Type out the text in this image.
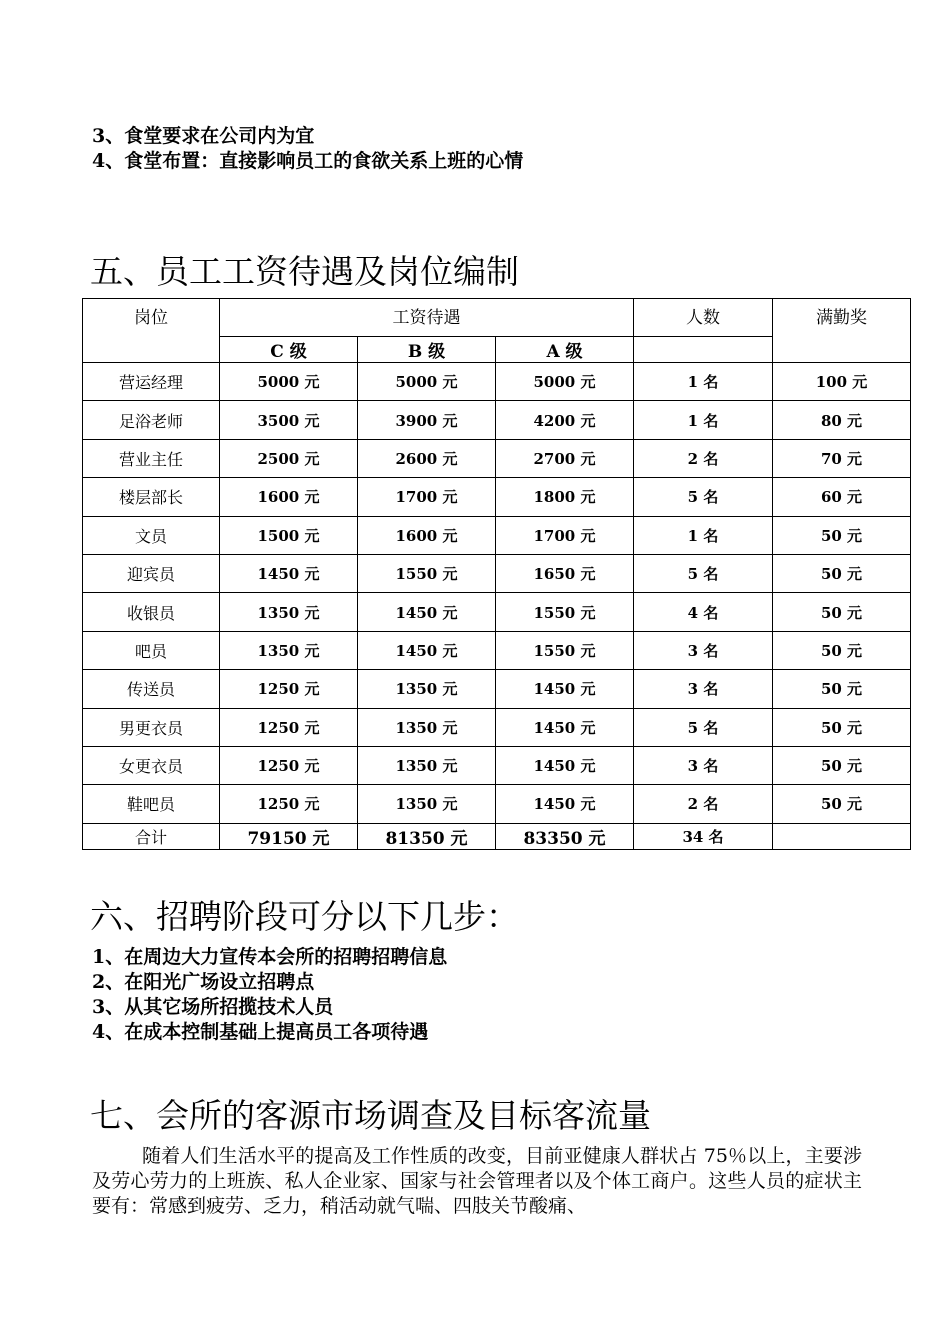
3、食堂要求在公司内为宜
4、食堂布置：直接影响员工的食欲关系上班的心情
五、员工工资待遇及岗位编制
岗位	工资待遇			人数	满勤奖
	C 级	B 级	A 级		
营运经理	5000 元	5000 元	5000 元	1 名	100 元
足浴老师	3500 元	3900 元	4200 元	1 名	80 元
营业主任	2500 元	2600 元	2700 元	2 名	70 元
楼层部长	1600 元	1700 元	1800 元	5 名	60 元
文员	1500 元	1600 元	1700 元	1 名	50 元
迎宾员	1450 元	1550 元	1650 元	5 名	50 元
收银员	1350 元	1450 元	1550 元	4 名	50 元
吧员	1350 元	1450 元	1550 元	3 名	50 元
传送员	1250 元	1350 元	1450 元	3 名	50 元
男更衣员	1250 元	1350 元	1450 元	5 名	50 元
女更衣员	1250 元	1350 元	1450 元	3 名	50 元
鞋吧员	1250 元	1350 元	1450 元	2 名	50 元
合计	79150 元	81350 元	83350 元	34 名	
六、招聘阶段可分以下几步：
1、在周边大力宣传本会所的招聘招聘信息
2、在阳光广场设立招聘点
3、从其它场所招揽技术人员
4、在成本控制基础上提高员工各项待遇
七、会所的客源市场调查及目标客流量
随着人们生活水平的提高及工作性质的改变，目前亚健康人群状占 75％以上，主要涉及劳心劳力的上班族、私人企业家、国家与社会管理者以及个体工商户。这些人员的症状主要有：常感到疲劳、乏力，稍活动就气喘、四肢关节酸痛、
